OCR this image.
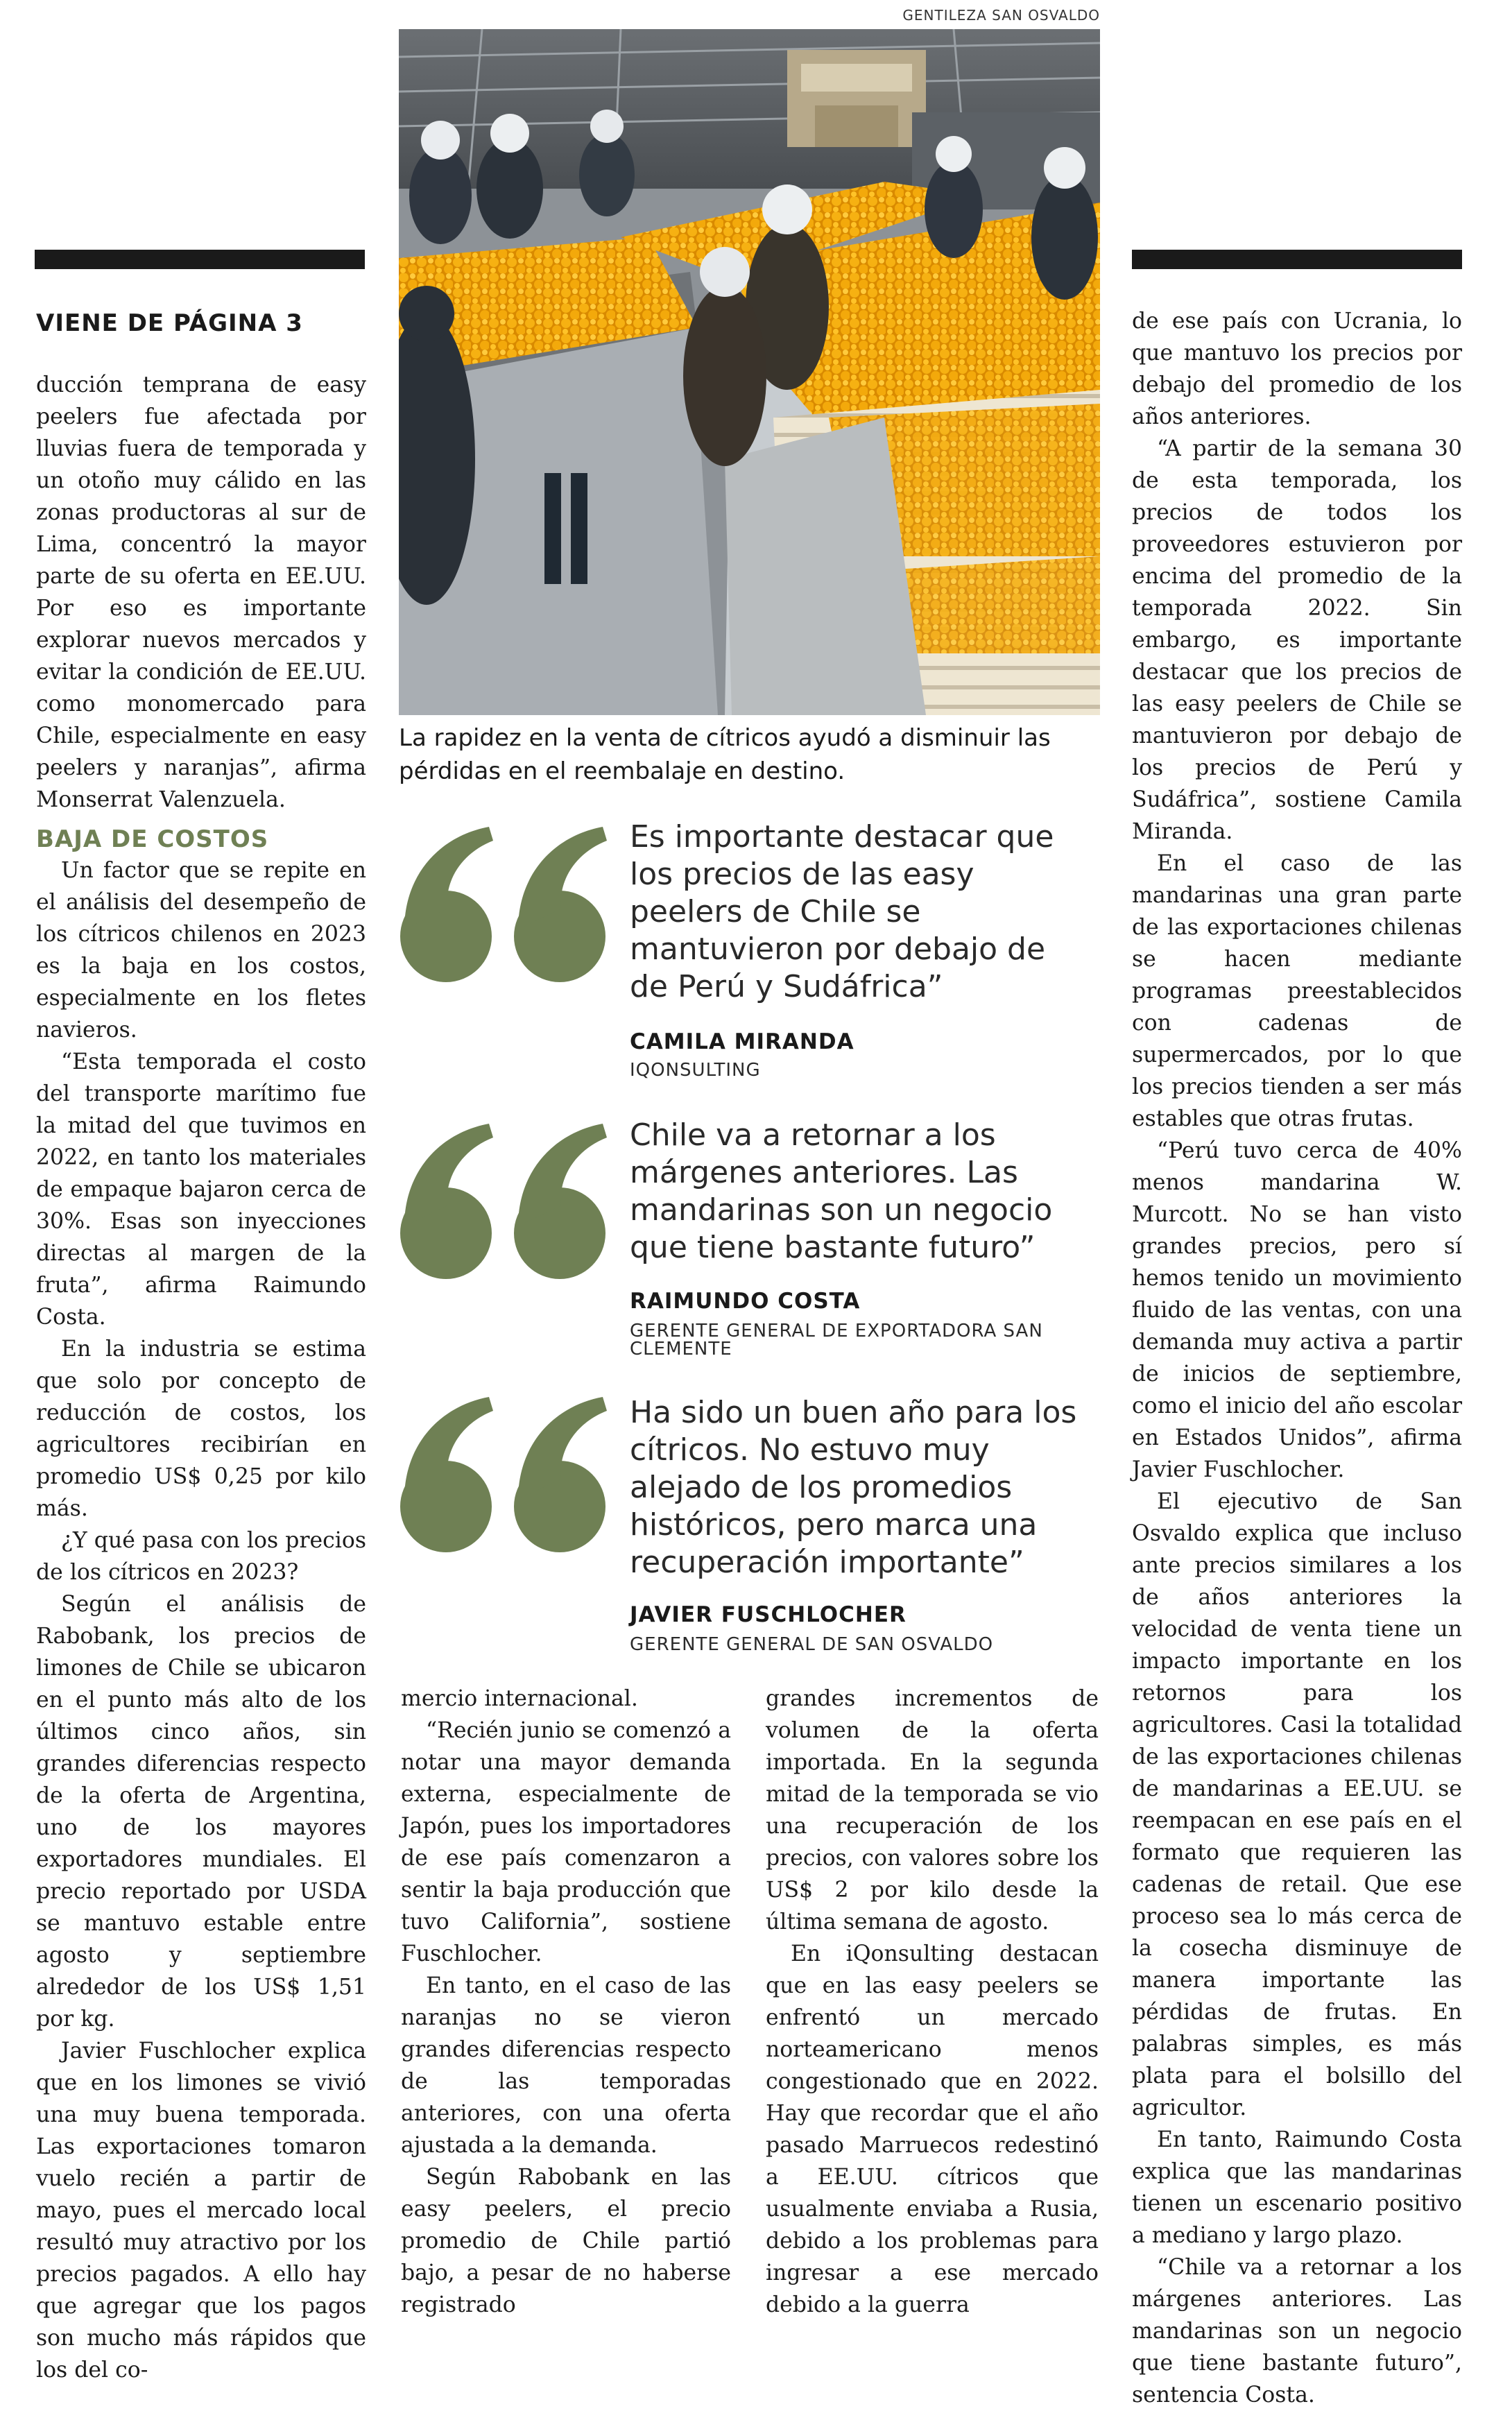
GENTILEZA SAN OSVALDO

La rapidez en la venta de cítricos ayudó a disminuir las pérdidas en el reembalaje en destino.

VIENE DE PÁGINA 3

ducción temprana de easy peelers fue afectada por lluvias fuera de temporada y un otoño muy cálido en las zonas productoras al sur de Lima, concentró la mayor parte de su oferta en EE.UU. Por eso es importante explorar nuevos mercados y evitar la condición de EE.UU. como monomercado para Chile, especialmente en easy peelers y naranjas”, afirma Monserrat Valenzuela.

BAJA DE COSTOS

Un factor que se repite en el análisis del desempeño de los cítricos chilenos en 2023 es la baja en los costos, especialmente en los fletes navieros.

“Esta temporada el costo del transporte marítimo fue la mitad del que tuvimos en 2022, en tanto los materiales de empaque bajaron cerca de 30%. Esas son inyecciones directas al margen de la fruta”, afirma Raimundo Costa.

En la industria se estima que solo por concepto de reducción de costos, los agricultores recibirían en promedio US$ 0,25 por kilo más.

¿Y qué pasa con los precios de los cítricos en 2023?

Según el análisis de Rabobank, los precios de limones de Chile se ubicaron en el punto más alto de los últimos cinco años, sin grandes diferencias respecto de la oferta de Argentina, uno de los mayores exportadores mundiales. El precio reportado por USDA se mantuvo estable entre agosto y septiembre alrededor de los US$ 1,51 por kg.

Javier Fuschlocher explica que en los limones se vivió una muy buena temporada. Las exportaciones tomaron vuelo recién a partir de mayo, pues el mercado local resultó muy atractivo por los precios pagados. A ello hay que agregar que los pagos son mucho más rápidos que los del co-

Es importante destacar que los precios de las easy peelers de Chile se mantuvieron por debajo de de Perú y Sudáfrica”

CAMILA MIRANDA

IQONSULTING

Chile va a retornar a los márgenes anteriores. Las mandarinas son un negocio que tiene bastante futuro”

RAIMUNDO COSTA

GERENTE GENERAL DE EXPORTADORA SAN CLEMENTE

Ha sido un buen año para los cítricos. No estuvo muy alejado de los promedios históricos, pero marca una recuperación importante”

JAVIER FUSCHLOCHER

GERENTE GENERAL DE SAN OSVALDO

mercio internacional.

“Recién junio se comenzó a notar una mayor demanda externa, especialmente de Japón, pues los importadores de ese país comenzaron a sentir la baja producción que tuvo California”, sostiene Fuschlocher.

En tanto, en el caso de las naranjas no se vieron grandes diferencias respecto de las temporadas anteriores, con una oferta ajustada a la demanda.

Según Rabobank en las easy peelers, el precio promedio de Chile partió bajo, a pesar de no haberse registrado

grandes incrementos de volumen de la oferta importada. En la segunda mitad de la temporada se vio una recuperación de los precios, con valores sobre los US$ 2 por kilo desde la última semana de agosto.

En iQonsulting destacan que en las easy peelers se enfrentó un mercado norteamericano menos congestionado que en 2022. Hay que recordar que el año pasado Marruecos redestinó a EE.UU. cítricos que usualmente enviaba a Rusia, debido a los problemas para ingresar a ese mercado debido a la guerra

de ese país con Ucrania, lo que mantuvo los precios por debajo del promedio de los años anteriores.

“A partir de la semana 30 de esta temporada, los precios de todos los proveedores estuvieron por encima del promedio de la temporada 2022. Sin embargo, es importante destacar que los precios de las easy peelers de Chile se mantuvieron por debajo de los precios de Perú y Sudáfrica”, sostiene Camila Miranda.

En el caso de las mandarinas una gran parte de las exportaciones chilenas se hacen mediante programas preestablecidos con cadenas de supermercados, por lo que los precios tienden a ser más estables que otras frutas.

“Perú tuvo cerca de 40% menos mandarina W. Murcott. No se han visto grandes precios, pero sí hemos tenido un movimiento fluido de las ventas, con una demanda muy activa a partir de inicios de septiembre, como el inicio del año escolar en Estados Unidos”, afirma Javier Fuschlocher.

El ejecutivo de San Osvaldo explica que incluso ante precios similares a los de años anteriores la velocidad de venta tiene un impacto importante en los retornos para los agricultores. Casi la totalidad de las exportaciones chilenas de mandarinas a EE.UU. se reempacan en ese país en el formato que requieren las cadenas de retail. Que ese proceso sea lo más cerca de la cosecha disminuye de manera importante las pérdidas de frutas. En palabras simples, es más plata para el bolsillo del agricultor.

En tanto, Raimundo Costa explica que las mandarinas tienen un escenario positivo a mediano y largo plazo.

“Chile va a retornar a los márgenes anteriores. Las mandarinas son un negocio que tiene bastante futuro”, sentencia Costa.
